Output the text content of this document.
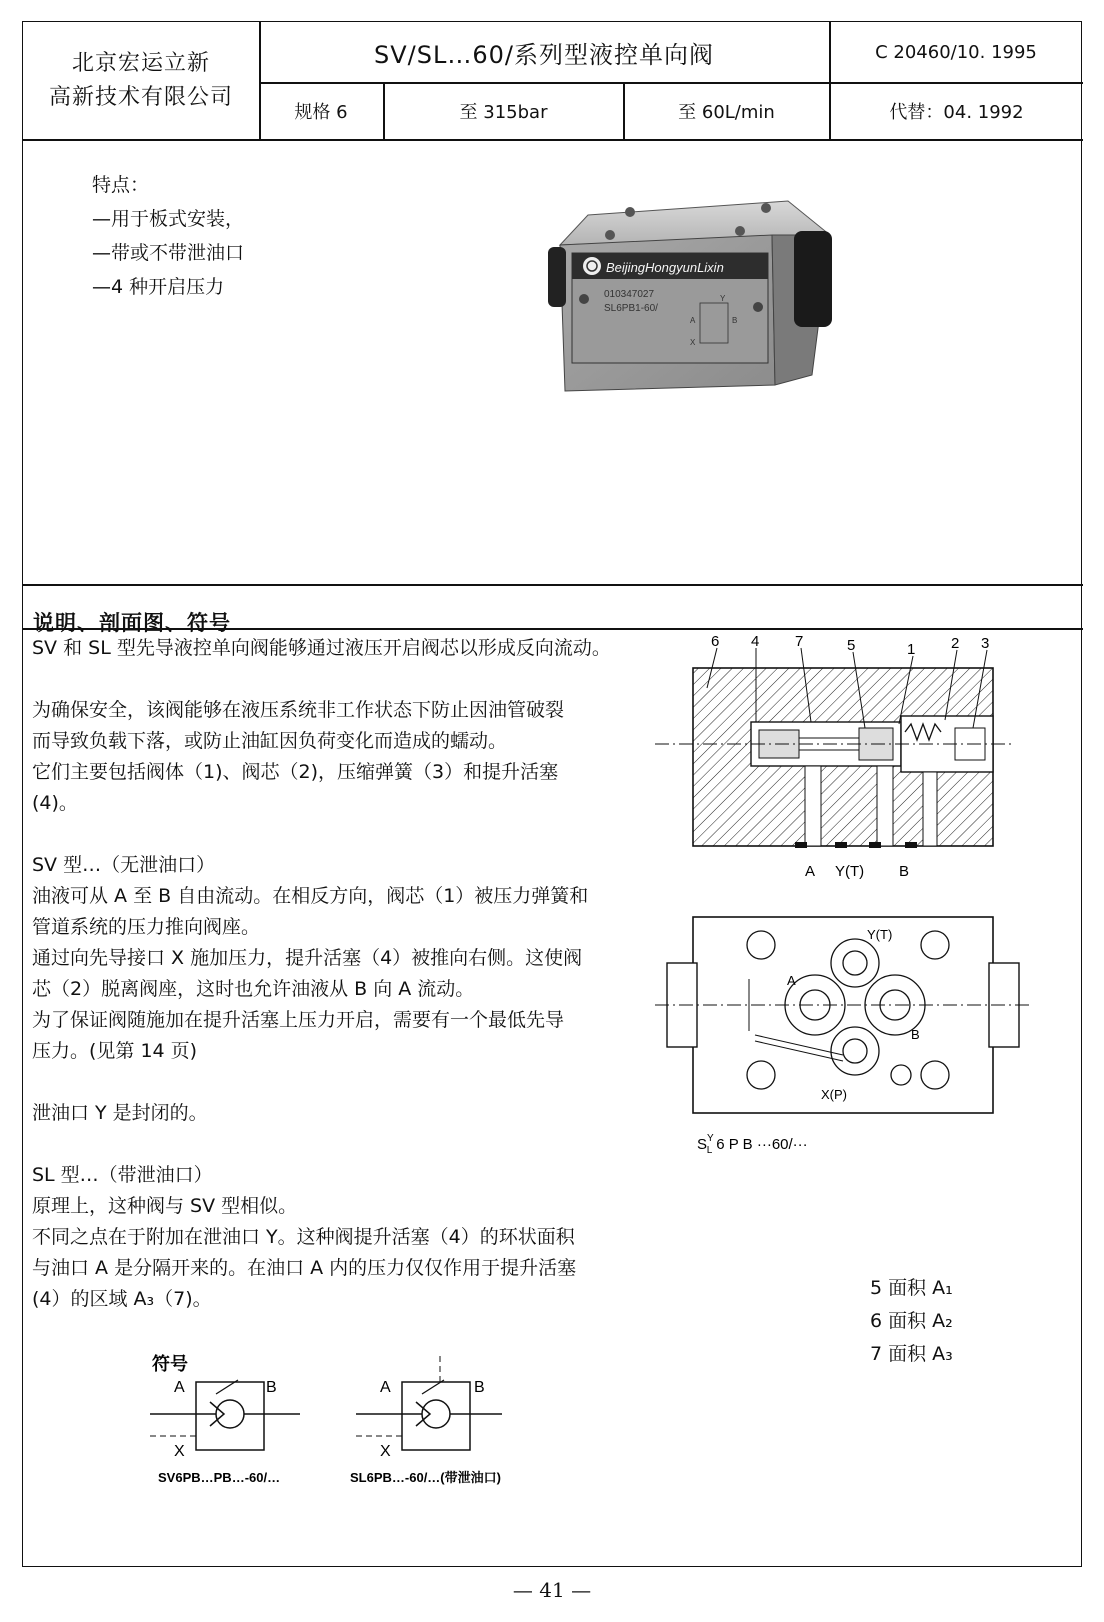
北京宏运立新
高新技术有限公司
SV/SL…60/系列型液控单向阀	C 20460/10. 1995
规格 6	至 315bar	至 60L/min	代替：04. 1992
说明、剖面图、符号
特点：
—用于板式安装，
—带或不带泄油口
—4 种开启压力
BeijingHongyunLixin
010347027
SL6PB1-60/
A	B
Y
X

SV 和 SL 型先导液控单向阀能够通过液压开启阀芯以形成反向流动。

为确保安全，该阀能够在液压系统非工作状态下防止因油管破裂

而导致负载下落，或防止油缸因负荷变化而造成的蠕动。

它们主要包括阀体（1)、阀芯（2)，压缩弹簧（3）和提升活塞

(4)。

SV 型…（无泄油口）

油液可从 A 至 B 自由流动。在相反方向，阀芯（1）被压力弹簧和

管道系统的压力推向阀座。

通过向先导接口 X 施加压力，提升活塞（4）被推向右侧。这使阀

芯（2）脱离阀座，这时也允许油液从 B 向 A 流动。

为了保证阀随施加在提升活塞上压力开启，需要有一个最低先导

压力。(见第 14 页)

泄油口 Y 是封闭的。

SL 型…（带泄油口）

原理上，这种阀与 SV 型相似。

不同之点在于附加在泄油口 Y。这种阀提升活塞（4）的环状面积

与油口 A 是分隔开来的。在油口 A 内的压力仅仅作用于提升活塞

(4）的区域 A₃（7)。

6 4 7	5	1 2 3
A Y(T) B
Y(T)
A
B
X(P)
$S^Y$ L 6 P B ···60/···
5 面积 A₁
6 面积 A₂
7 面积 A₃
符号
A	B
X
SV6PB…PB…-60/…
A	B
X
SL6PB…-60/…(带泄油口)
— 41 —
